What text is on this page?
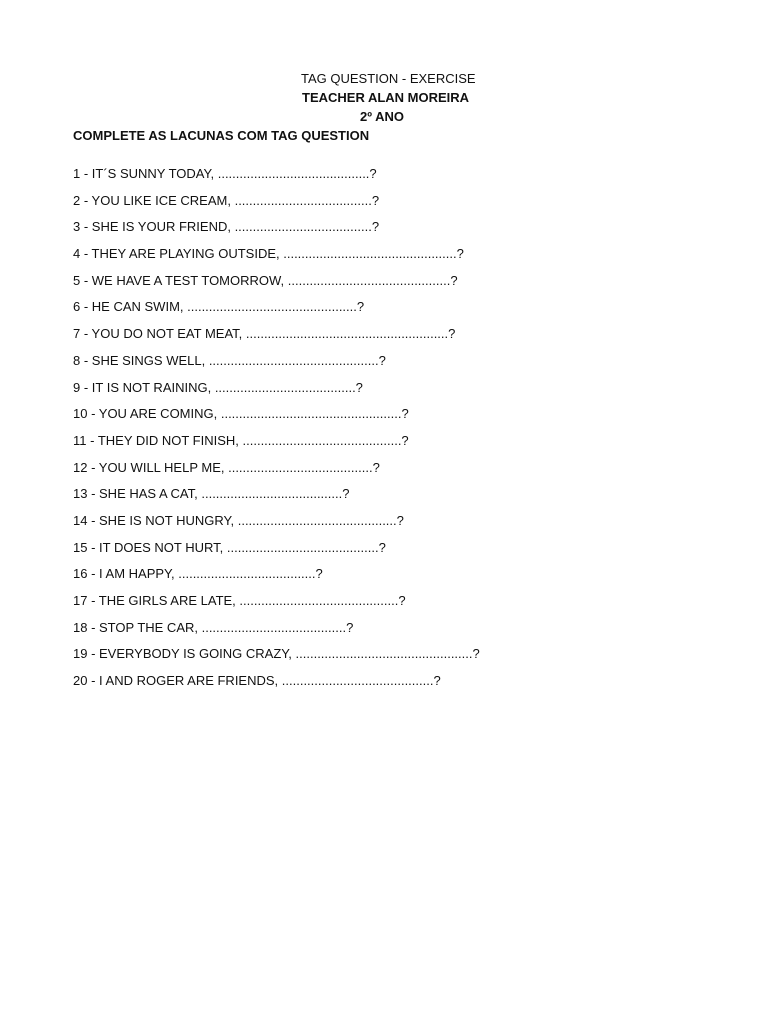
TAG QUESTION - EXERCISE
TEACHER ALAN MOREIRA
2º ANO
COMPLETE AS LACUNAS COM TAG QUESTION
1 - IT´S SUNNY TODAY, ..........................................?
2 - YOU LIKE ICE CREAM, ......................................?
3 - SHE IS YOUR FRIEND, ......................................?
4 - THEY ARE PLAYING OUTSIDE, ................................................?
5 - WE HAVE A TEST TOMORROW, .............................................?
6 - HE CAN SWIM, ...............................................?
7 - YOU DO NOT EAT MEAT, ........................................................?
8 - SHE SINGS WELL, ...............................................?
9 - IT IS NOT RAINING, .......................................?
10 - YOU ARE COMING, ..................................................?
11 - THEY DID NOT FINISH, ............................................?
12 - YOU WILL HELP ME, ........................................?
13 - SHE HAS A CAT, .......................................?
14 - SHE IS NOT HUNGRY, ............................................?
15 - IT DOES NOT HURT, ..........................................?
16 - I AM HAPPY, ......................................?
17 - THE GIRLS ARE LATE, ............................................?
18 - STOP THE CAR, ........................................?
19 - EVERYBODY IS GOING CRAZY, .................................................?
20 - I AND ROGER ARE FRIENDS, ..........................................?
